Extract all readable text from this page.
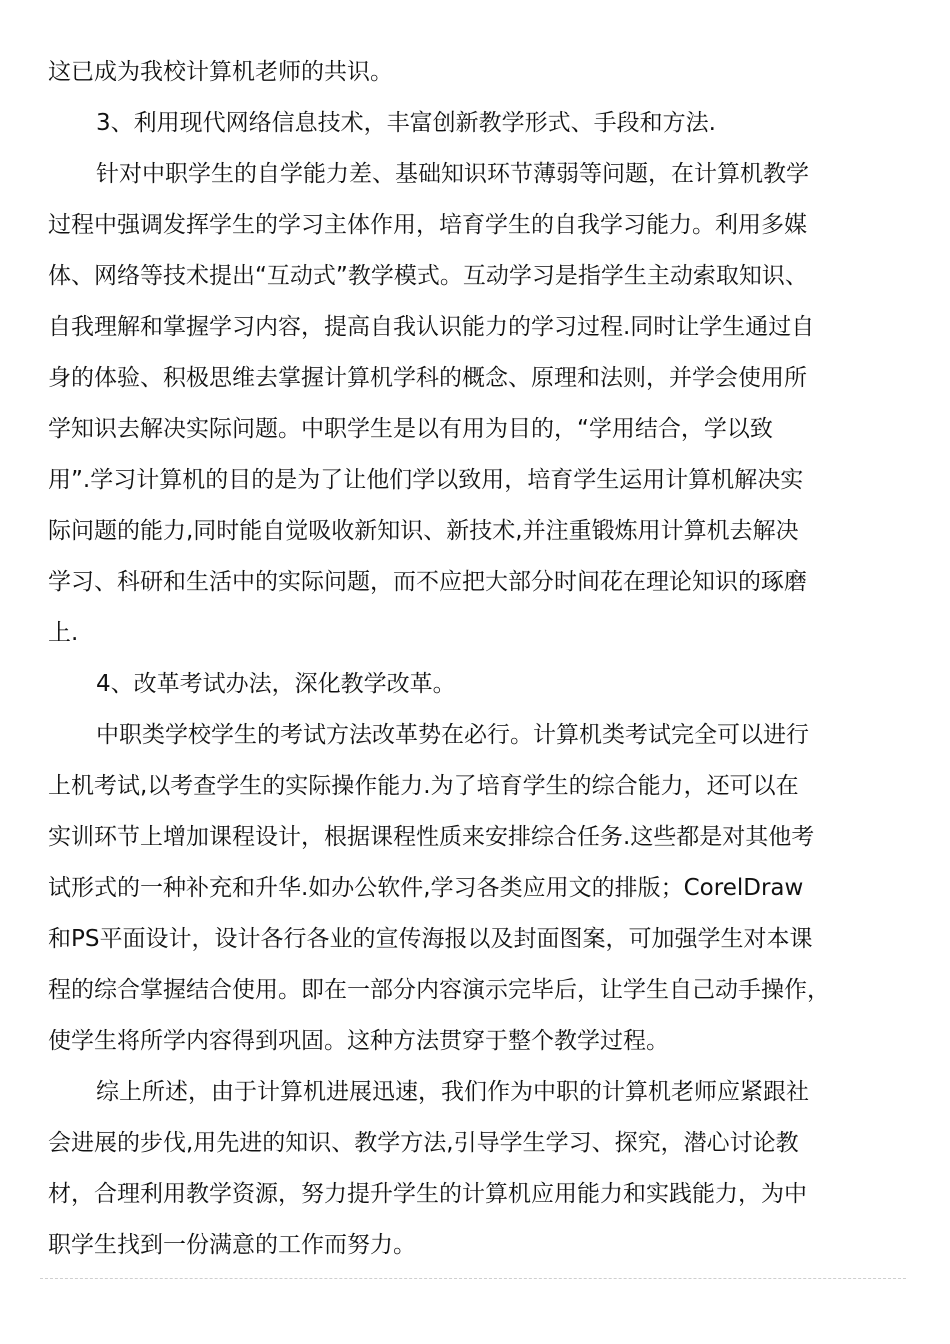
这已成为我校计算机老师的共识。
3、利用现代网络信息技术，丰富创新教学形式、手段和方法.
针对中职学生的自学能力差、基础知识环节薄弱等问题，在计算机教学
过程中强调发挥学生的学习主体作用，培育学生的自我学习能力。利用多媒
体、网络等技术提出“互动式”教学模式。互动学习是指学生主动索取知识、
自我理解和掌握学习内容，提高自我认识能力的学习过程.同时让学生通过自
身的体验、积极思维去掌握计算机学科的概念、原理和法则，并学会使用所
学知识去解决实际问题。中职学生是以有用为目的，“学用结合，学以致
用”.学习计算机的目的是为了让他们学以致用，培育学生运用计算机解决实
际问题的能力,同时能自觉吸收新知识、新技术,并注重锻炼用计算机去解决
学习、科研和生活中的实际问题，而不应把大部分时间花在理论知识的琢磨
上.
4、改革考试办法，深化教学改革。
中职类学校学生的考试方法改革势在必行。计算机类考试完全可以进行
上机考试,以考查学生的实际操作能力.为了培育学生的综合能力，还可以在
实训环节上增加课程设计，根据课程性质来安排综合任务.这些都是对其他考
试形式的一种补充和升华.如办公软件,学习各类应用文的排版；CorelDraw
和PS平面设计，设计各行各业的宣传海报以及封面图案，可加强学生对本课
程的综合掌握结合使用。即在一部分内容演示完毕后，让学生自己动手操作，
使学生将所学内容得到巩固。这种方法贯穿于整个教学过程。
综上所述，由于计算机进展迅速，我们作为中职的计算机老师应紧跟社
会进展的步伐,用先进的知识、教学方法,引导学生学习、探究，潜心讨论教
材，合理利用教学资源，努力提升学生的计算机应用能力和实践能力，为中
职学生找到一份满意的工作而努力。
